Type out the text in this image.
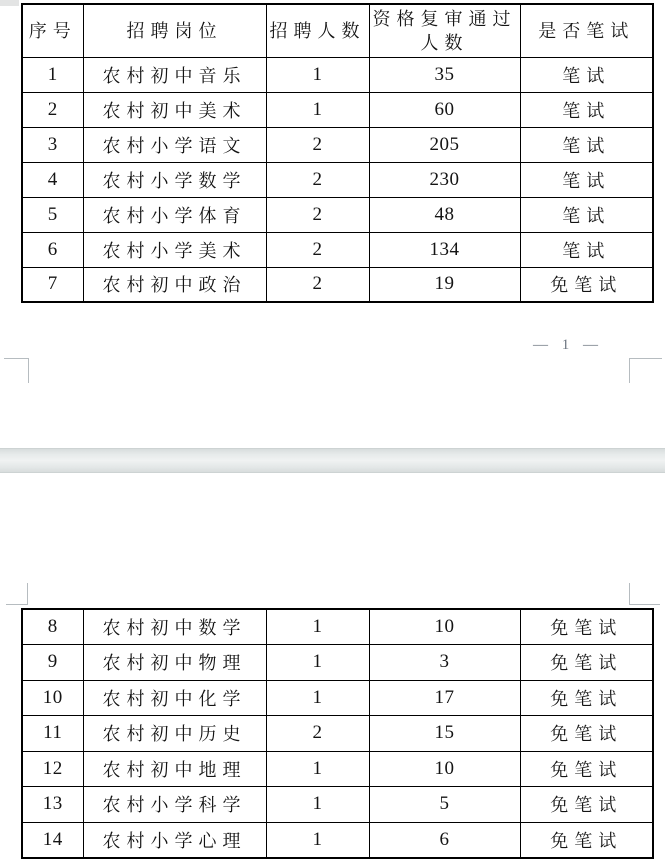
序号	招聘岗位	招聘人数	资格复审通过人数	是否笔试
1	农村初中音乐	1	35	笔试
2	农村初中美术	1	60	笔试
3	农村小学语文	2	205	笔试
4	农村小学数学	2	230	笔试
5	农村小学体育	2	48	笔试
6	农村小学美术	2	134	笔试
7	农村初中政治	2	19	免笔试
— 1 —
8	农村初中数学	1	10	免笔试
9	农村初中物理	1	3	免笔试
10	农村初中化学	1	17	免笔试
11	农村初中历史	2	15	免笔试
12	农村初中地理	1	10	免笔试
13	农村小学科学	1	5	免笔试
14	农村小学心理	1	6	免笔试
